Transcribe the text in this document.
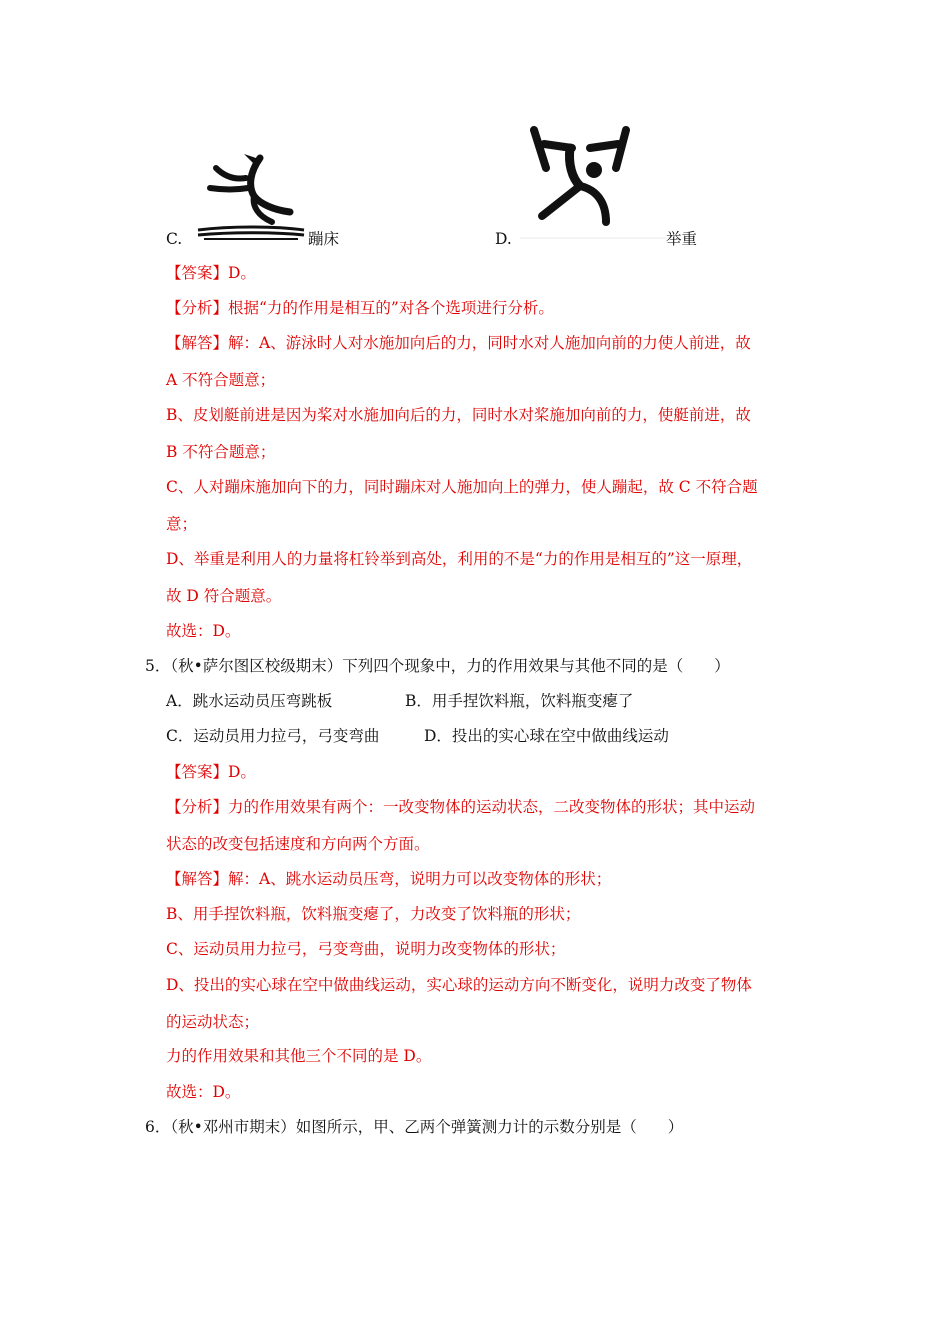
C.	蹦床	D.	举重
【答案】D。
【分析】根据“力的作用是相互的”对各个选项进行分析。
【解答】解：A、游泳时人对水施加向后的力，同时水对人施加向前的力使人前进，故
A 不符合题意；
B、皮划艇前进是因为桨对水施加向后的力，同时水对桨施加向前的力，使艇前进，故
B 不符合题意；
C、人对蹦床施加向下的力，同时蹦床对人施加向上的弹力，使人蹦起，故 C 不符合题
意；
D、举重是利用人的力量将杠铃举到高处，利用的不是“力的作用是相互的”这一原理，
故 D 符合题意。
故选：D。
5．（秋•萨尔图区校级期末）下列四个现象中，力的作用效果与其他不同的是（　　）
A．跳水运动员压弯跳板	B．用手捏饮料瓶，饮料瓶变瘪了
C．运动员用力拉弓，弓变弯曲	D．投出的实心球在空中做曲线运动
【答案】D。
【分析】力的作用效果有两个：一改变物体的运动状态，二改变物体的形状；其中运动
状态的改变包括速度和方向两个方面。
【解答】解：A、跳水运动员压弯，说明力可以改变物体的形状；
B、用手捏饮料瓶，饮料瓶变瘪了，力改变了饮料瓶的形状；
C、运动员用力拉弓，弓变弯曲，说明力改变物体的形状；
D、投出的实心球在空中做曲线运动，实心球的运动方向不断变化，说明力改变了物体
的运动状态；
力的作用效果和其他三个不同的是 D。
故选：D。
6．（秋•邓州市期末）如图所示，甲、乙两个弹簧测力计的示数分别是（　　）
